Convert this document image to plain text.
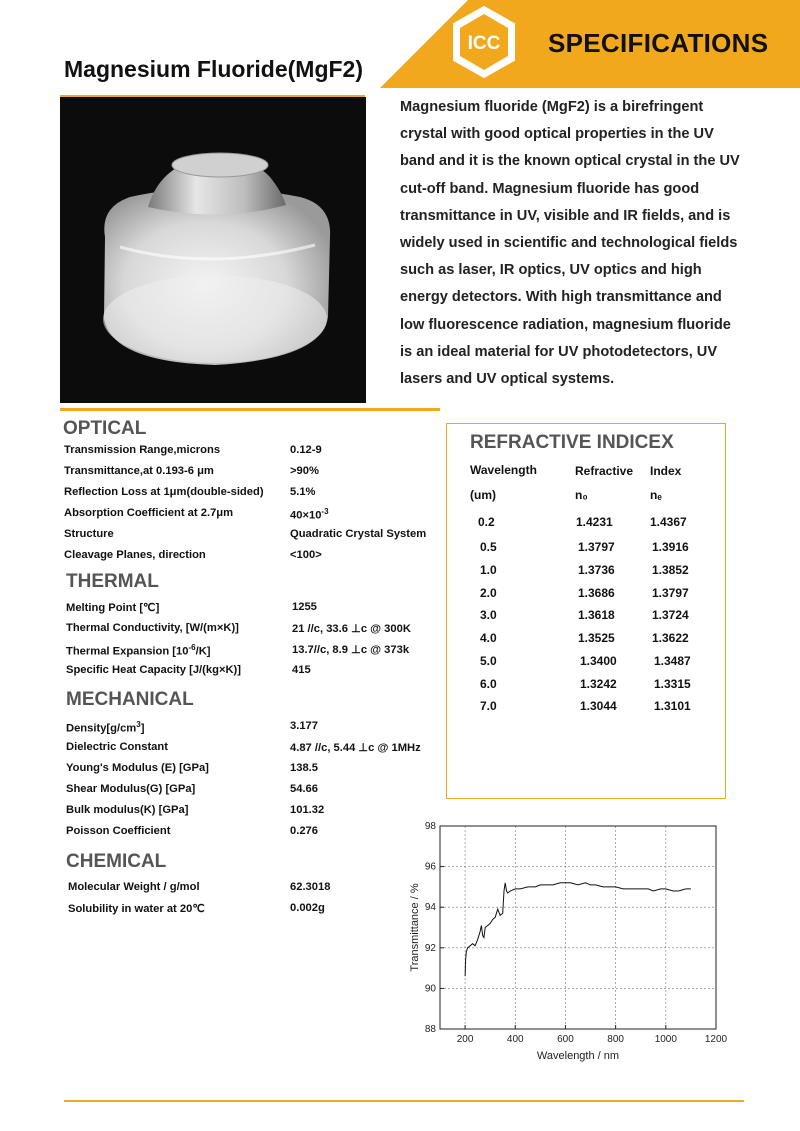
ICC SPECIFICATIONS
Magnesium Fluoride(MgF2)
Magnesium fluoride (MgF2) is a birefringent crystal with good optical properties in the UV band and it is the known optical crystal in the UV cut-off band. Magnesium fluoride has good transmittance in UV, visible and IR fields, and is widely used in scientific and technological fields such as laser, IR optics, UV optics and high energy detectors. With high transmittance and low fluorescence radiation, magnesium fluoride is an ideal material for UV photodetectors, UV lasers and UV optical systems.
OPTICAL
Transmission Range,microns	0.12-9
Transmittance,at 0.193-6 μm	>90%
Reflection Loss at 1μm(double-sided) 5.1%
Absorption Coefficient at 2.7μm	$40\times 10^{-3}$
Structure	Quadratic Crystal System
Cleavage Planes, direction	<100>
THERMAL
Melting Point [℃]	1255
Thermal Conductivity, [W/(m×K)]	21 //c, 33.6 ⊥c @ 300K
Thermal Expansion $[10^{-6}/K]$	13.7//c, 8.9 ⊥c @ 373k
Specific Heat Capacity [J/(kg×K)]	415
MECHANICAL
$Density[g/cm^3]$	3.177
Dielectric Constant	4.87 //c, 5.44 ⊥c @ 1MHz
Young's Modulus (E) [GPa]	138.5
Shear Modulus(G) [GPa]	54.66
Bulk modulus(K) [GPa]	101.32
Poisson Coefficient	0.276
CHEMICAL
Molecular Weight / g/mol	62.3018
Solubility in water at 20℃	0.002g
REFRACTIVE INDICEX
Wavelength	Refractive Index
(um)	n₀	nₑ
0.2	1.4231	1.4367
0.5	1.3797	1.3916
1.0	1.3736	1.3852
2.0	1.3686	1.3797
3.0	1.3618	1.3724
4.0	1.3525	1.3622
5.0	1.3400	1.3487
6.0	1.3242	1.3315
7.0	1.3044	1.3101
200	400	600	800	1000	1200
88
90
92
94
96
98
Wavelength / nm
Transmittance / %
